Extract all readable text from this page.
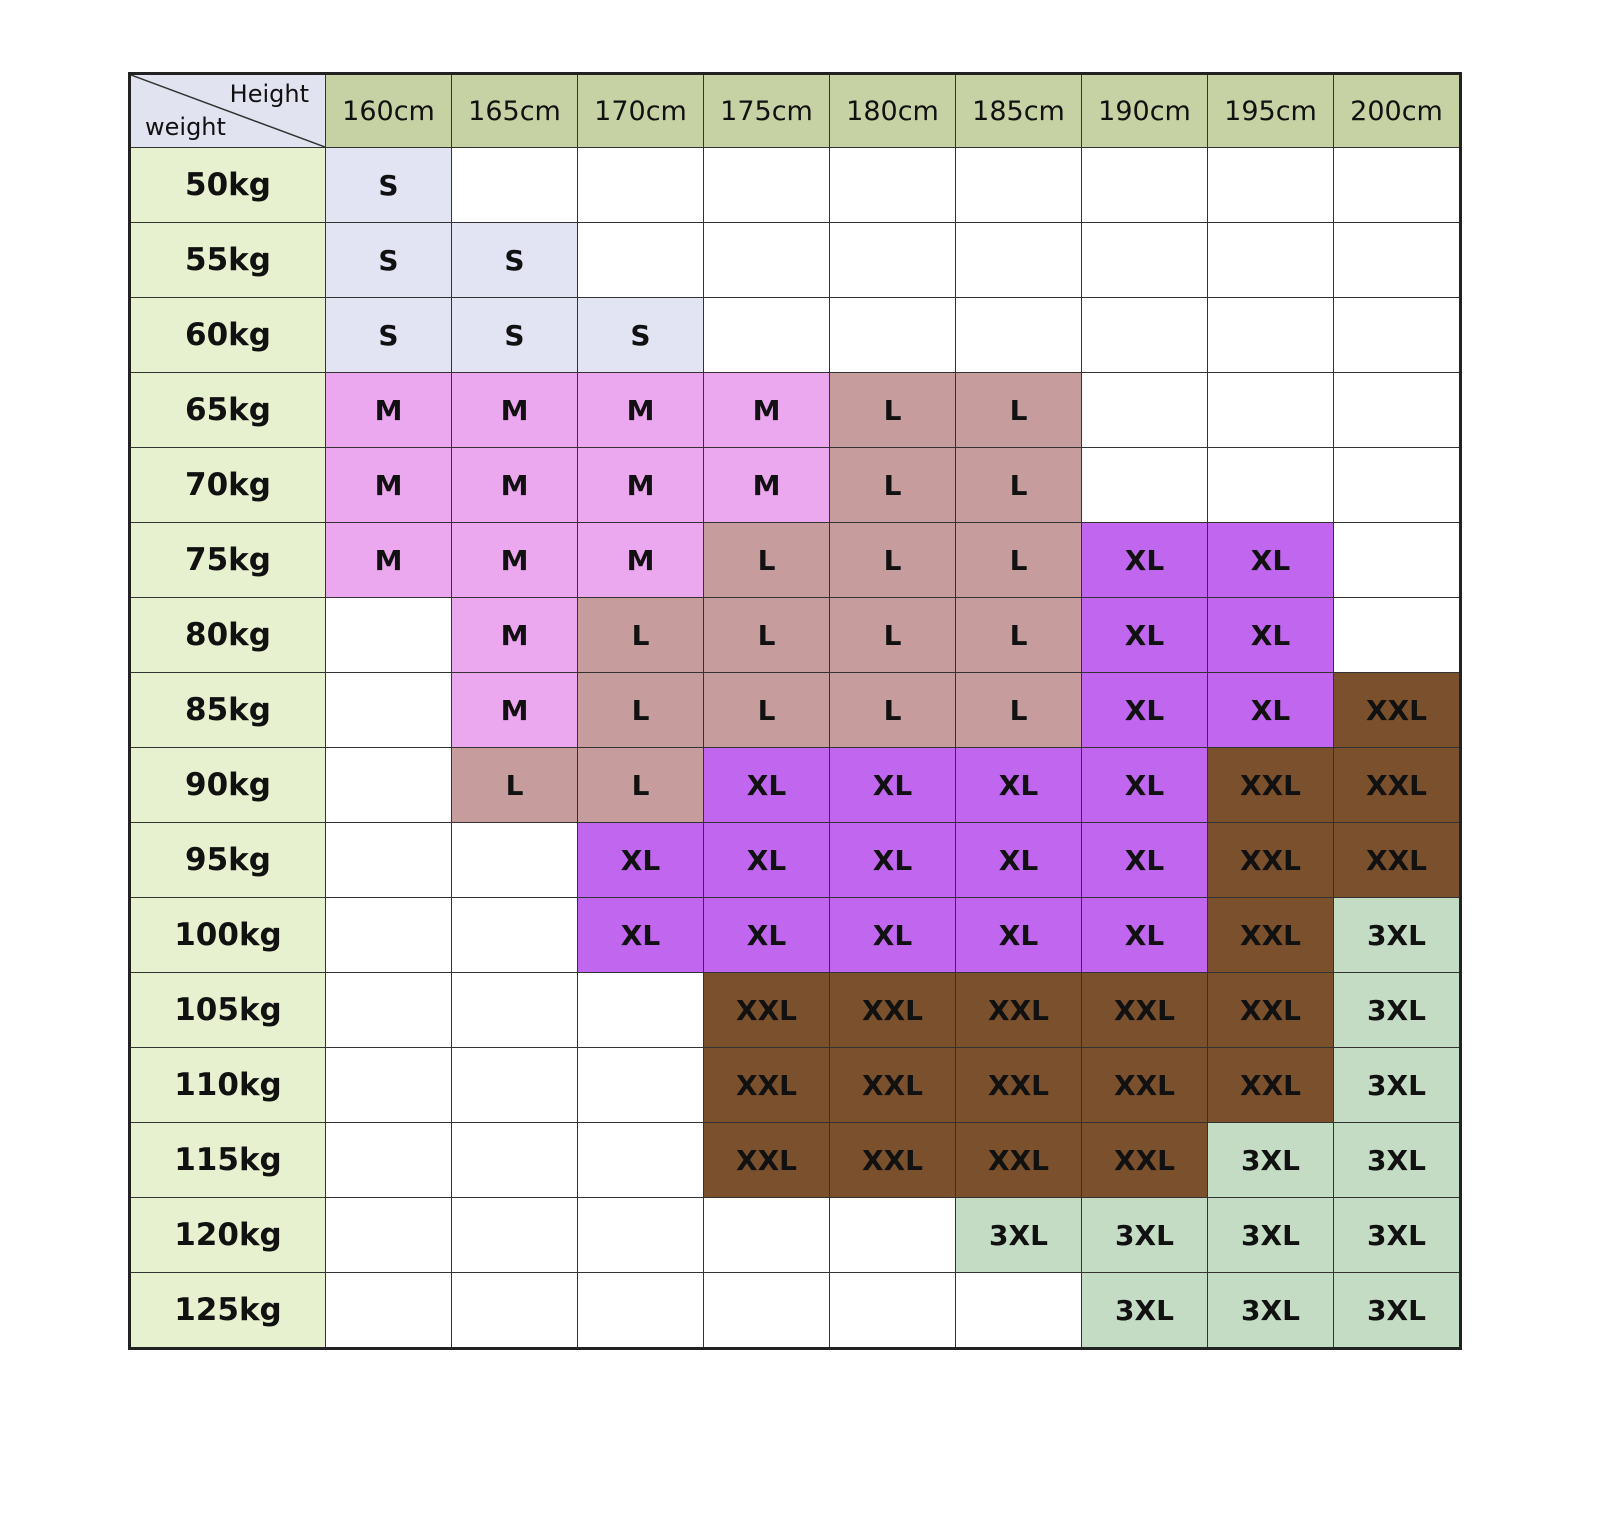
Height
weight	160cm	165cm	170cm	175cm	180cm	185cm	190cm	195cm	200cm
50kg	S								
55kg	S	S							
60kg	S	S	S						
65kg	M	M	M	M	L	L			
70kg	M	M	M	M	L	L			
75kg	M	M	M	L	L	L	XL	XL	
80kg		M	L	L	L	L	XL	XL	
85kg		M	L	L	L	L	XL	XL	XXL
90kg		L	L	XL	XL	XL	XL	XXL	XXL
95kg			XL	XL	XL	XL	XL	XXL	XXL
100kg			XL	XL	XL	XL	XL	XXL	3XL
105kg				XXL	XXL	XXL	XXL	XXL	3XL
110kg				XXL	XXL	XXL	XXL	XXL	3XL
115kg				XXL	XXL	XXL	XXL	3XL	3XL
120kg						3XL	3XL	3XL	3XL
125kg							3XL	3XL	3XL
